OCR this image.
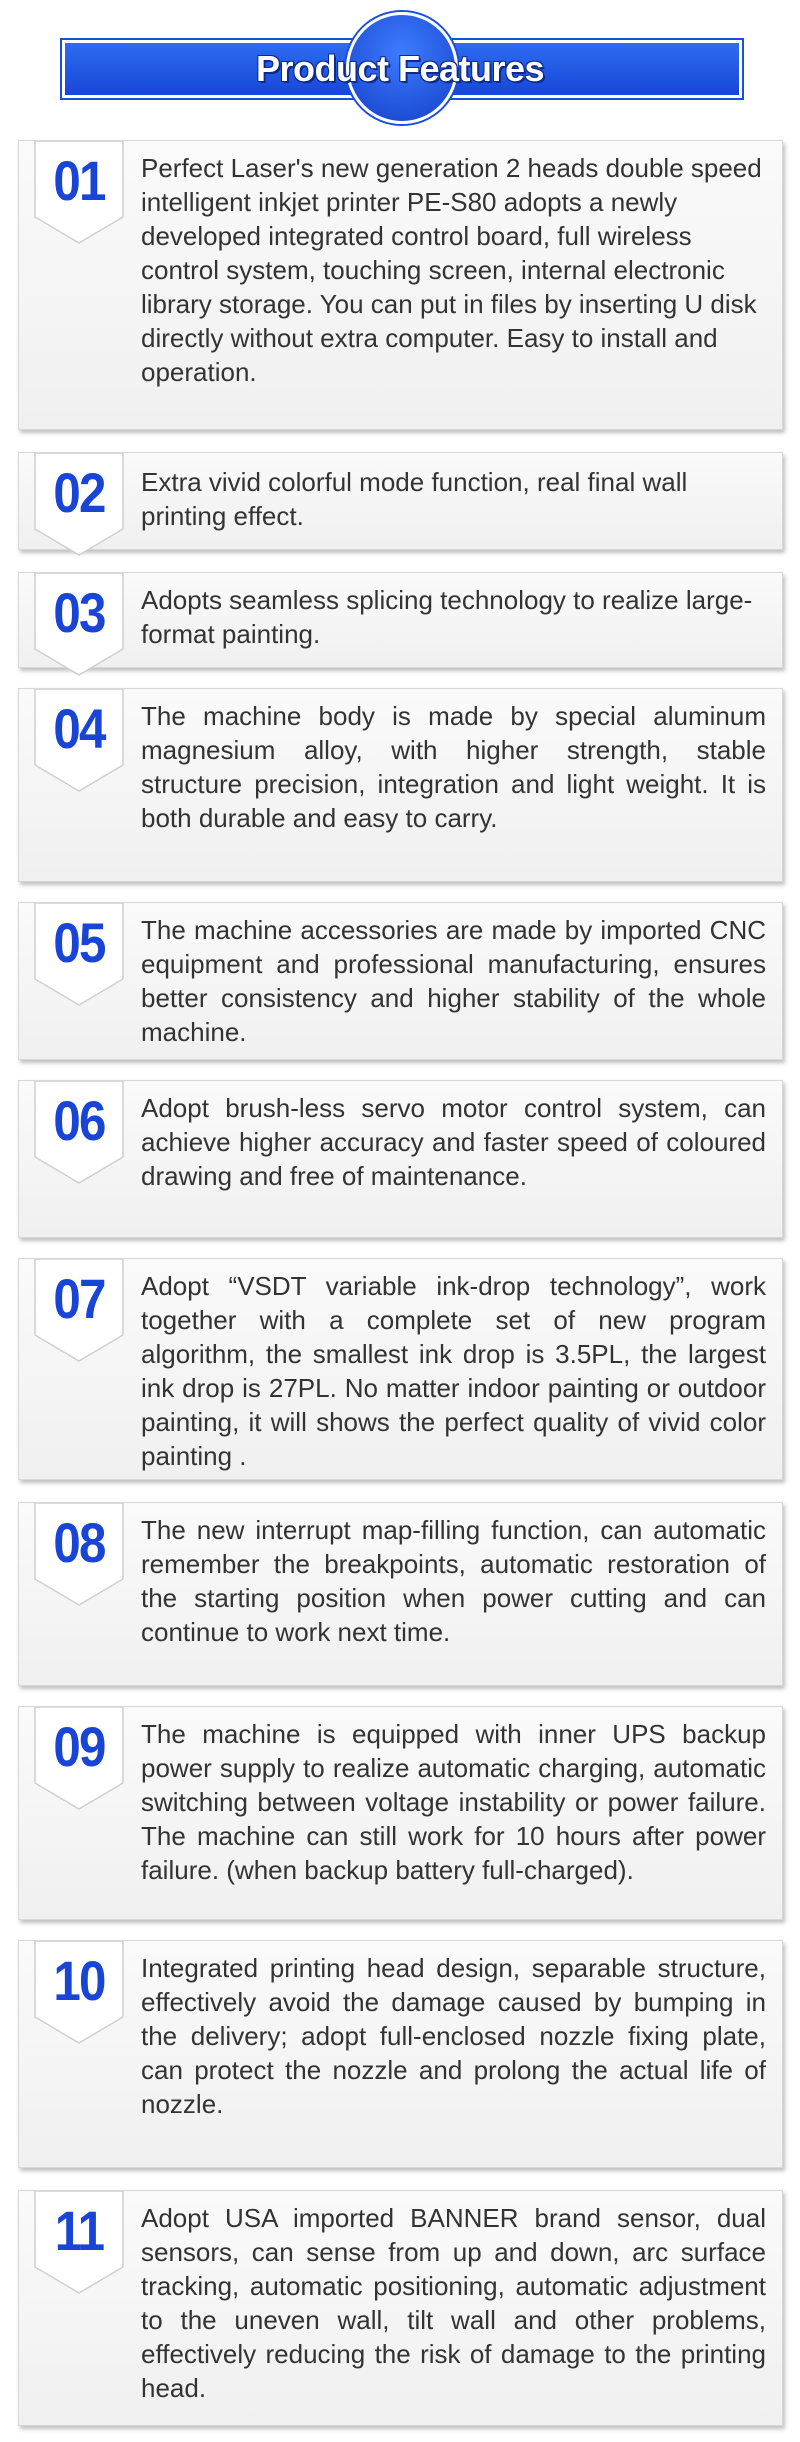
Product Features
01	Perfect Laser's new generation 2 heads double speed intelligent inkjet printer PE-S80 adopts a newly developed integrated control board, full wireless control system, touching screen, internal electronic library storage. You can put in files by inserting U disk directly without extra computer. Easy to install and operation.
02	Extra vivid colorful mode function, real final wall printing effect.
03	Adopts seamless splicing technology to realize large-format painting.
04	The machine body is made by special aluminum magnesium alloy, with higher strength, stable structure precision, integration and light weight. It is both durable and easy to carry.
05	The machine accessories are made by imported CNC equipment and professional manufacturing, ensures better consistency and higher stability of the whole machine.
06	Adopt brush-less servo motor control system, can achieve higher accuracy and faster speed of coloured drawing and free of maintenance.
07	Adopt “VSDT variable ink-drop technology”, work together with a complete set of new program algorithm, the smallest ink drop is 3.5PL, the largest ink drop is 27PL. No matter indoor painting or outdoor painting, it will shows the perfect quality of vivid color painting .
08	The new interrupt map-filling function, can automatic remember the breakpoints, automatic restoration of the starting position when power cutting and can continue to work next time.
09	The machine is equipped with inner UPS backup power supply to realize automatic charging, automatic switching between voltage instability or power failure. The machine can still work for 10 hours after power failure. (when backup battery full-charged).
10	Integrated printing head design, separable structure, effectively avoid the damage caused by bumping in the delivery; adopt full-enclosed nozzle fixing plate, can protect the nozzle and prolong the actual life of nozzle.
11	Adopt USA imported BANNER brand sensor, dual sensors, can sense from up and down, arc surface tracking, automatic positioning, automatic adjustment to the uneven wall, tilt wall and other problems, effectively reducing the risk of damage to the printing head.
